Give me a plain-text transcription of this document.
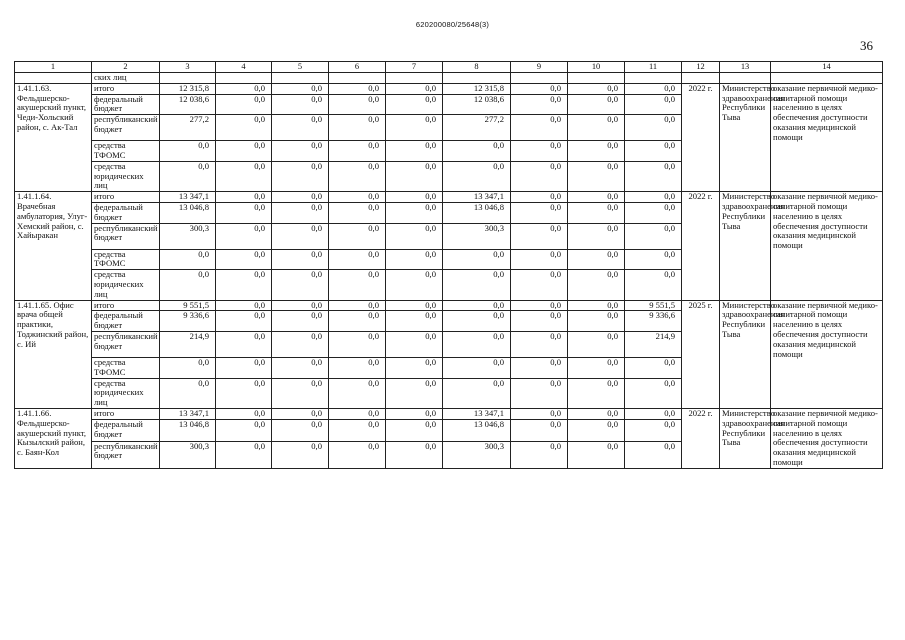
620200080/25648(3)
36
1	2	3	4	5	6	7	8	9	10	11	12	13	14
	ских лиц												
1.41.1.63. Фельдшерско-акушерский пункт, Чеди-Хольский район, с. Ак-Тал	итого	12 315,8	0,0	0,0	0,0	0,0	12 315,8	0,0	0,0	0,0	2022 г.	Министерство здравоохранения Республики Тыва	оказание первичной медико-санитарной помощи населению в целях обеспечения доступности оказания медицинской помощи
	федеральный бюджет	12 038,6	0,0	0,0	0,0	0,0	12 038,6	0,0	0,0	0,0			
	республиканский бюджет	277,2	0,0	0,0	0,0	0,0	277,2	0,0	0,0	0,0			
	средства ТФОМС	0,0	0,0	0,0	0,0	0,0	0,0	0,0	0,0	0,0			
	средства юридических лиц	0,0	0,0	0,0	0,0	0,0	0,0	0,0	0,0	0,0			
1.41.1.64. Врачебная амбулатория, Улуг-Хемский район, с. Хайыракан	итого	13 347,1	0,0	0,0	0,0	0,0	13 347,1	0,0	0,0	0,0	2022 г.	Министерство здравоохранения Республики Тыва	оказание первичной медико-санитарной помощи населению в целях обеспечения доступности оказания медицинской помощи
	федеральный бюджет	13 046,8	0,0	0,0	0,0	0,0	13 046,8	0,0	0,0	0,0			
	республиканский бюджет	300,3	0,0	0,0	0,0	0,0	300,3	0,0	0,0	0,0			
	средства ТФОМС	0,0	0,0	0,0	0,0	0,0	0,0	0,0	0,0	0,0			
	средства юридических лиц	0,0	0,0	0,0	0,0	0,0	0,0	0,0	0,0	0,0			
1.41.1.65. Офис врача общей практики, Тоджинский район, с. Ий	итого	9 551,5	0,0	0,0	0,0	0,0	0,0	0,0	0,0	9 551,5	2025 г.	Министерство здравоохранения Республики Тыва	оказание первичной медико-санитарной помощи населению в целях обеспечения доступности оказания медицинской помощи
	федеральный бюджет	9 336,6	0,0	0,0	0,0	0,0	0,0	0,0	0,0	9 336,6			
	республиканский бюджет	214,9	0,0	0,0	0,0	0,0	0,0	0,0	0,0	214,9			
	средства ТФОМС	0,0	0,0	0,0	0,0	0,0	0,0	0,0	0,0	0,0			
	средства юридических лиц	0,0	0,0	0,0	0,0	0,0	0,0	0,0	0,0	0,0			
1.41.1.66. Фельдшерско-акушерский пункт, Кызылский район, с. Баян-Кол	итого	13 347,1	0,0	0,0	0,0	0,0	13 347,1	0,0	0,0	0,0	2022 г.	Министерство здравоохранения Республики Тыва	оказание первичной медико-санитарной помощи населению в целях обеспечения доступности оказания медицинской помощи
	федеральный бюджет	13 046,8	0,0	0,0	0,0	0,0	13 046,8	0,0	0,0	0,0			
	республиканский бюджет	300,3	0,0	0,0	0,0	0,0	300,3	0,0	0,0	0,0			
